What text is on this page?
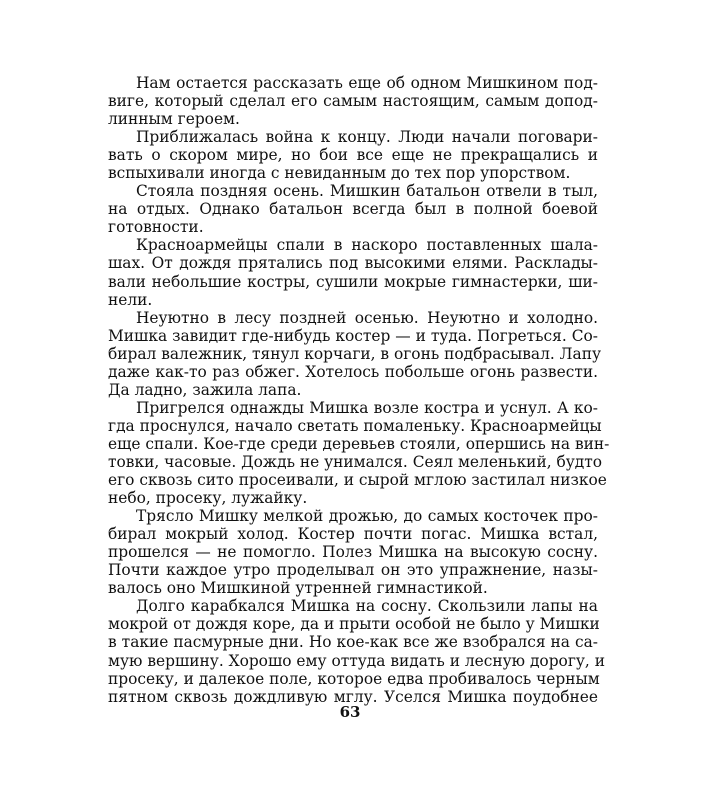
Нам остается рассказать еще об одном Мишкином под-
виге, который сделал его самым настоящим, самым допод-
линным героем.
Приближалась война к концу. Люди начали поговари-
вать о скором мире, но бои все еще не прекращались и
вспыхивали иногда с невиданным до тех пор упорством.
Стояла поздняя осень. Мишкин батальон отвели в тыл,
на отдых. Однако батальон всегда был в полной боевой
готовности.
Красноармейцы спали в наскоро поставленных шала-
шах. От дождя прятались под высокими елями. Расклады-
вали небольшие костры, сушили мокрые гимнастерки, ши-
нели.
Неуютно в лесу поздней осенью. Неуютно и холодно.
Мишка завидит где-нибудь костер — и туда. Погреться. Со-
бирал валежник, тянул корчаги, в огонь подбрасывал. Лапу
даже как-то раз обжег. Хотелось побольше огонь развести.
Да ладно, зажила лапа.
Пригрелся однажды Мишка возле костра и уснул. А ко-
гда проснулся, начало светать помаленьку. Красноармейцы
еще спали. Кое-где среди деревьев стояли, опершись на вин-
товки, часовые. Дождь не унимался. Сеял меленький, будто
его сквозь сито просеивали, и сырой мглою застилал низкое
небо, просеку, лужайку.
Трясло Мишку мелкой дрожью, до самых косточек про-
бирал мокрый холод. Костер почти погас. Мишка встал,
прошелся — не помогло. Полез Мишка на высокую сосну.
Почти каждое утро проделывал он это упражнение, назы-
валось оно Мишкиной утренней гимнастикой.
Долго карабкался Мишка на сосну. Скользили лапы на
мокрой от дождя коре, да и прыти особой не было у Мишки
в такие пасмурные дни. Но кое-как все же взобрался на са-
мую вершину. Хорошо ему оттуда видать и лесную дорогу, и
просеку, и далекое поле, которое едва пробивалось черным
пятном сквозь дождливую мглу. Уселся Мишка поудобнее
63
